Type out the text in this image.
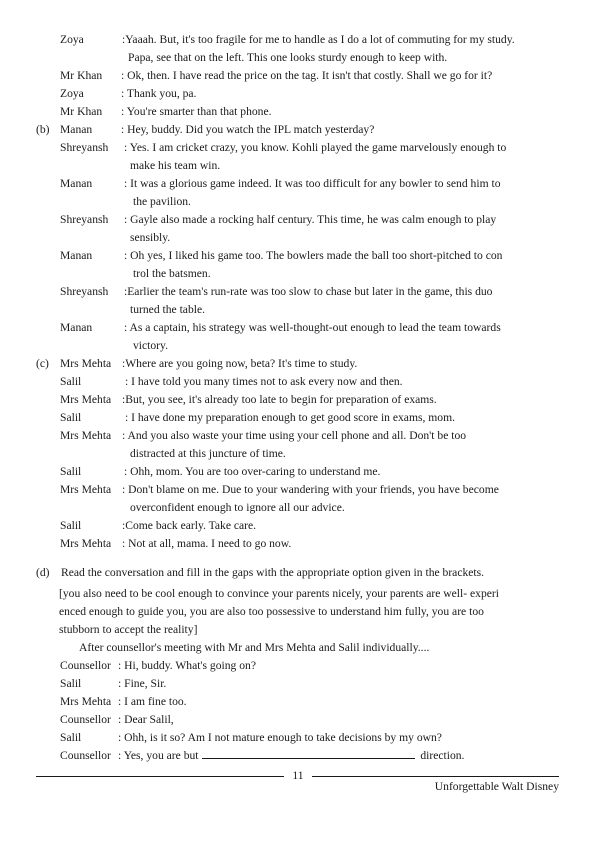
Zoya	:Yaaah. But, it's too fragile for me to handle as I do a lot of commuting for my study.
Papa, see that on the left. This one looks sturdy enough to keep with.
Mr Khan : Ok, then. I have read the price on the tag. It isn't that costly. Shall we go for it?
Zoya	: Thank you, pa.
Mr Khan : You're smarter than that phone.
(b) Manan : Hey, buddy. Did you watch the IPL match yesterday?
Shreyansh : Yes. I am cricket crazy, you know. Kohli played the game marvelously enough to
make his team win.
Manan	: It was a glorious game indeed. It was too difficult for any bowler to send him to
the pavilion.
Shreyansh : Gayle also made a rocking half century. This time, he was calm enough to play
sensibly.
Manan	: Oh yes, I liked his game too. The bowlers made the ball too short-pitched to con
trol the batsmen.
Shreyansh :Earlier the team's run-rate was too slow to chase but later in the game, this duo
turned the table.
Manan	: As a captain, his strategy was well-thought-out enough to lead the team towards
victory.
(c) Mrs Mehta :Where are you going now, beta? It's time to study.
Salil	: I have told you many times not to ask every now and then.
Mrs Mehta :But, you see, it's already too late to begin for preparation of exams.
Salil	: I have done my preparation enough to get good score in exams, mom.
Mrs Mehta : And you also waste your time using your cell phone and all. Don't be too
distracted at this juncture of time.
Salil	: Ohh, mom. You are too over-caring to understand me.
Mrs Mehta : Don't blame on me. Due to your wandering with your friends, you have become
overconfident enough to ignore all our advice.
Salil	:Come back early. Take care.
Mrs Mehta : Not at all, mama. I need to go now.
(d) Read the conversation and fill in the gaps with the appropriate option given in the brackets.
[you also need to be cool enough to convince your parents nicely, your parents are well- experi
enced enough to guide you, you are also too possessive to understand him fully, you are too
stubborn to accept the reality]
After counsellor's meeting with Mr and Mrs Mehta and Salil individually....
Counsellor : Hi, buddy. What's going on?
Salil	: Fine, Sir.
Mrs Mehta : I am fine too.
Counsellor : Dear Salil,
Salil	: Ohh, is it so? Am I not mature enough to take decisions by my own?
Counsellor : Yes, you are but	direction.
11
Unforgettable Walt Disney
